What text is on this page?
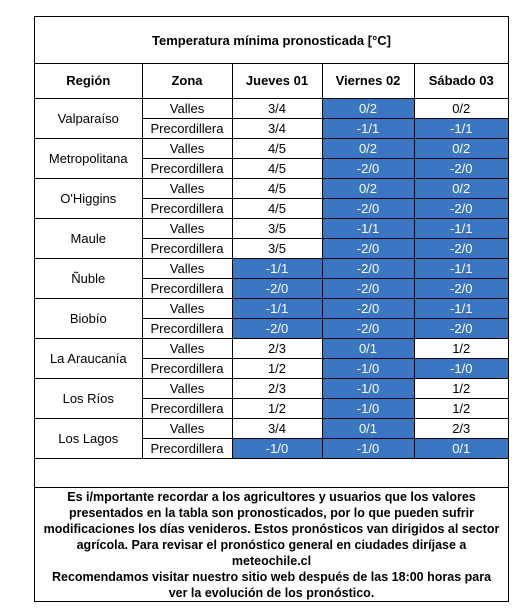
Temperatura mínima pronosticada [°C]
Región	Zona	Jueves 01	Viernes 02	Sábado 03
Valparaíso	Valles	3/4	0/2	0/2
	Precordillera	3/4	-1/1	-1/1
Metropolitana	Valles	4/5	0/2	0/2
	Precordillera	4/5	-2/0	-2/0
O'Higgins	Valles	4/5	0/2	0/2
	Precordillera	4/5	-2/0	-2/0
Maule	Valles	3/5	-1/1	-1/1
	Precordillera	3/5	-2/0	-2/0
Ñuble	Valles	-1/1	-2/0	-1/1
	Precordillera	-2/0	-2/0	-2/0
Biobío	Valles	-1/1	-2/0	-1/1
	Precordillera	-2/0	-2/0	-2/0
La Araucanía	Valles	2/3	0/1	1/2
	Precordillera	1/2	-1/0	-1/0
Los Ríos	Valles	2/3	-1/0	1/2
	Precordillera	1/2	-1/0	1/2
Los Lagos	Valles	3/4	0/1	2/3
	Precordillera	-1/0	-1/0	0/1

Es i/mportante recordar a los agricultores y usuarios que los valores presentados en la tabla son pronosticados, por lo que pueden sufrir modificaciones los días venideros. Estos pronósticos van dirigidos al sector agrícola. Para revisar el pronóstico general en ciudades diríjase a meteochile.cl

Recomendamos visitar nuestro sitio web después de las 18:00 horas para ver la evolución de los pronóstico.
